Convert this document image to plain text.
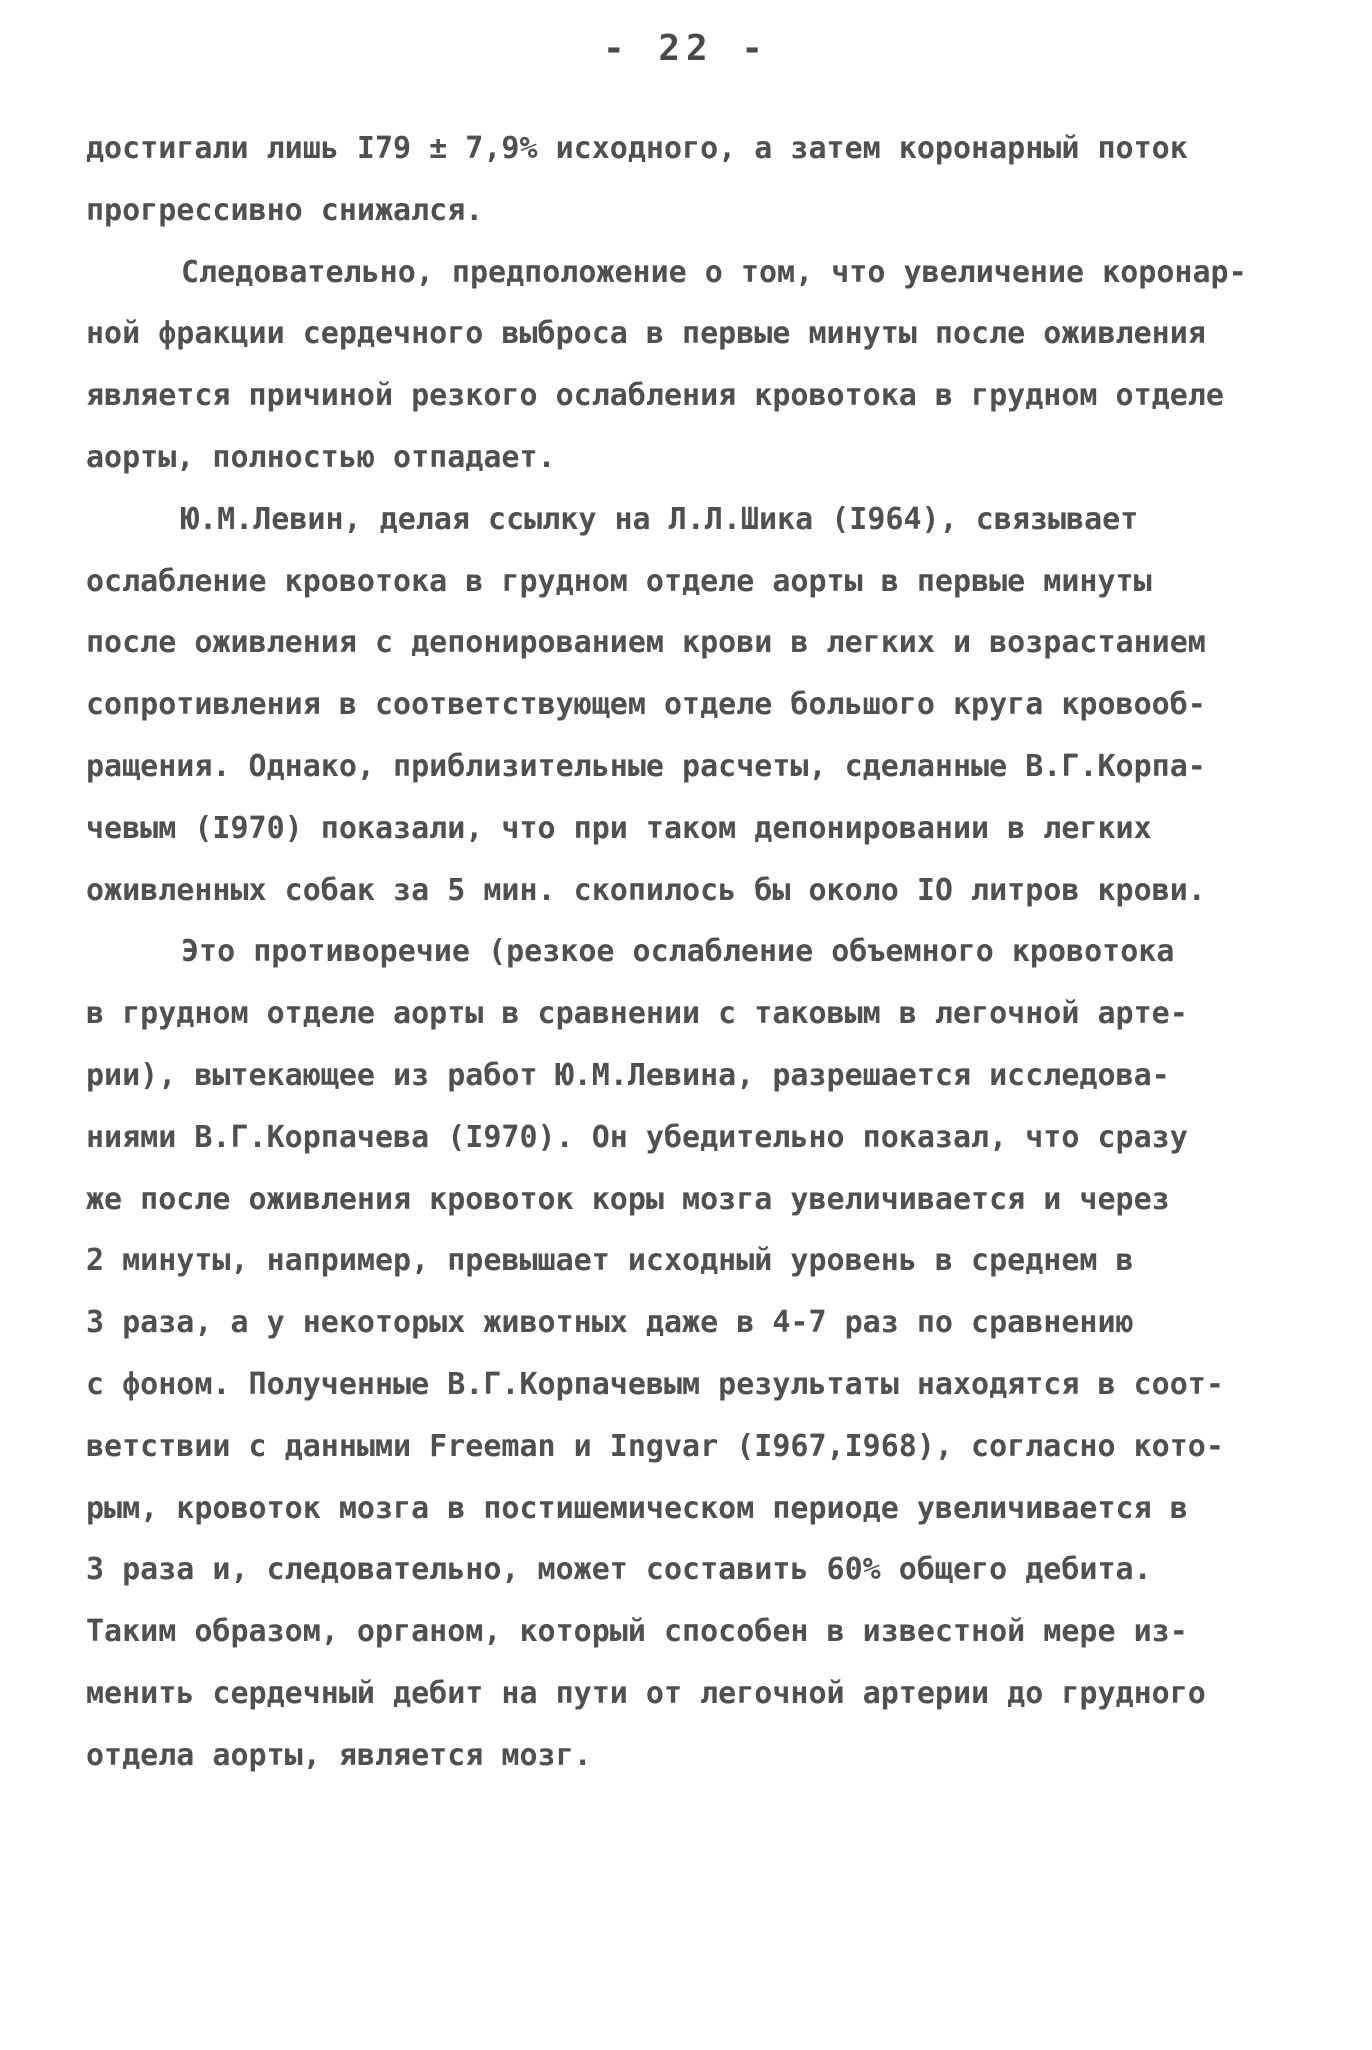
- 22 -
достигали лишь I79 ± 7,9% исходного, а затем коронарный поток
прогрессивно снижался.
Следовательно, предположение о том, что увеличение коронар-
ной фракции сердечного выброса в первые минуты после оживления
является причиной резкого ослабления кровотока в грудном отделе
аорты, полностью отпадает.
Ю.М.Левин, делая ссылку на Л.Л.Шика (I964), связывает
ослабление кровотока в грудном отделе аорты в первые минуты
после оживления с депонированием крови в легких и возрастанием
сопротивления в соответствующем отделе большого круга кровооб-
ращения. Однако, приблизительные расчеты, сделанные В.Г.Корпа-
чевым (I970) показали, что при таком депонировании в легких
оживленных собак за 5 мин. скопилось бы около IO литров крови.
Это противоречие (резкое ослабление объемного кровотока
в грудном отделе аорты в сравнении с таковым в легочной арте-
рии), вытекающее из работ Ю.М.Левина, разрешается исследова-
ниями В.Г.Корпачева (I970). Он убедительно показал, что сразу
же после оживления кровоток коры мозга увеличивается и через
2 минуты, например, превышает исходный уровень в среднем в
3 раза, а у некоторых животных даже в 4-7 раз по сравнению
с фоном. Полученные В.Г.Корпачевым результаты находятся в соот-
ветствии с данными Freeman и Ingvar (I967,I968), согласно кото-
рым, кровоток мозга в постишемическом периоде увеличивается в
3 раза и, следовательно, может составить 60% общего дебита.
Таким образом, органом, который способен в известной мере из-
менить сердечный дебит на пути от легочной артерии до грудного
отдела аорты, является мозг.
